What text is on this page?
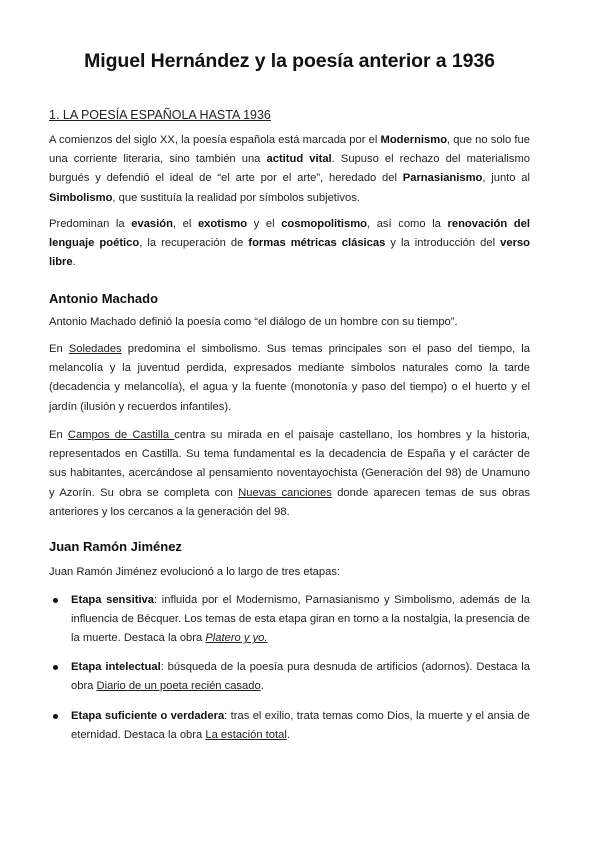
Miguel Hernández y la poesía anterior a 1936
1. LA POESÍA ESPAÑOLA HASTA 1936

A comienzos del siglo XX, la poesía española está marcada por el Modernismo, que no solo fue una corriente literaria, sino también una actitud vital. Supuso el rechazo del materialismo burgués y defendió el ideal de “el arte por el arte”, heredado del Parnasianismo, junto al Simbolismo, que sustituía la realidad por símbolos subjetivos.

Predominan la evasión, el exotismo y el cosmopolitismo, así como la renovación del lenguaje poético, la recuperación de formas métricas clásicas y la introducción del verso libre.

Antonio Machado

Antonio Machado definió la poesía como “el diálogo de un hombre con su tiempo”.

En Soledades predomina el simbolismo. Sus temas principales son el paso del tiempo, la melancolía y la juventud perdida, expresados mediante símbolos naturales como la tarde (decadencia y melancolía), el agua y la fuente (monotonía y paso del tiempo) o el huerto y el jardín (ilusión y recuerdos infantiles).

En Campos de Castilla centra su mirada en el paisaje castellano, los hombres y la historia, representados en Castilla. Su tema fundamental es la decadencia de España y el carácter de sus habitantes, acercándose al pensamiento noventayochista (Generación del 98) de Unamuno y Azorín. Su obra se completa con Nuevas canciones donde aparecen temas de sus obras anteriores y los cercanos a la generación del 98.

Juan Ramón Jiménez

Juan Ramón Jiménez evolucionó a lo largo de tres etapas:

Etapa sensitiva: influida por el Modernismo, Parnasianismo y Simbolismo, además de la influencia de Bécquer. Los temas de esta etapa giran en torno a la nostalgia, la presencia de la muerte. Destaca la obra Platero y yo.
Etapa intelectual: búsqueda de la poesía pura desnuda de artificios (adornos). Destaca la obra Diario de un poeta recién casado.
Etapa suficiente o verdadera: tras el exilio, trata temas como Dios, la muerte y el ansia de eternidad. Destaca la obra La estación total.
